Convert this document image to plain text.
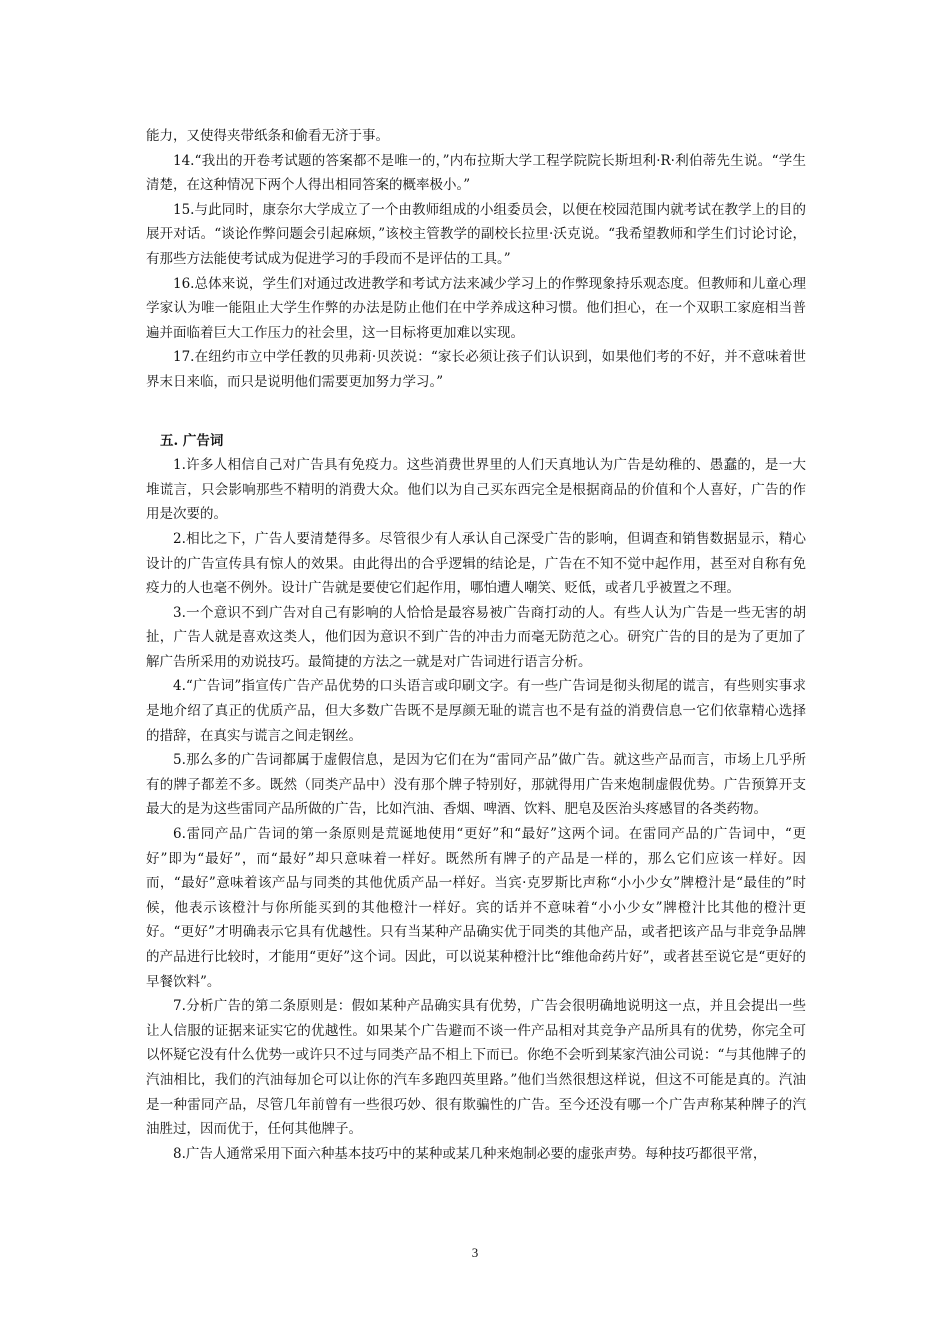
能力，又使得夹带纸条和偷看无济于事。

14.“我出的开卷考试题的答案都不是唯一的，”内布拉斯大学工程学院院长斯坦利·R·利伯蒂先生说。“学生清楚，在这种情况下两个人得出相同答案的概率极小。”

15.与此同时，康奈尔大学成立了一个由教师组成的小组委员会，以便在校园范围内就考试在教学上的目的展开对话。“谈论作弊问题会引起麻烦，”该校主管教学的副校长拉里·沃克说。“我希望教师和学生们讨论讨论，有那些方法能使考试成为促进学习的手段而不是评估的工具。”

16.总体来说，学生们对通过改进教学和考试方法来减少学习上的作弊现象持乐观态度。但教师和儿童心理学家认为唯一能阻止大学生作弊的办法是防止他们在中学养成这种习惯。他们担心，在一个双职工家庭相当普遍并面临着巨大工作压力的社会里，这一目标将更加难以实现。

17.在纽约市立中学任教的贝弗莉·贝茨说：“家长必须让孩子们认识到，如果他们考的不好，并不意味着世界末日来临，而只是说明他们需要更加努力学习。”

五. 广告词

1.许多人相信自己对广告具有免疫力。这些消费世界里的人们天真地认为广告是幼稚的、愚蠢的，是一大堆谎言，只会影响那些不精明的消费大众。他们以为自己买东西完全是根据商品的价值和个人喜好，广告的作用是次要的。

2.相比之下，广告人要清楚得多。尽管很少有人承认自己深受广告的影响，但调查和销售数据显示，精心设计的广告宣传具有惊人的效果。由此得出的合乎逻辑的结论是，广告在不知不觉中起作用，甚至对自称有免疫力的人也毫不例外。设计广告就是要使它们起作用，哪怕遭人嘲笑、贬低，或者几乎被置之不理。

3.一个意识不到广告对自己有影响的人恰恰是最容易被广告商打动的人。有些人认为广告是一些无害的胡扯，广告人就是喜欢这类人，他们因为意识不到广告的冲击力而毫无防范之心。研究广告的目的是为了更加了解广告所采用的劝说技巧。最简捷的方法之一就是对广告词进行语言分析。

4.“广告词”指宣传广告产品优势的口头语言或印刷文字。有一些广告词是彻头彻尾的谎言，有些则实事求是地介绍了真正的优质产品，但大多数广告既不是厚颜无耻的谎言也不是有益的消费信息一它们依靠精心选择的措辞，在真实与谎言之间走钢丝。

5.那么多的广告词都属于虚假信息，是因为它们在为“雷同产品”做广告。就这些产品而言，市场上几乎所有的牌子都差不多。既然（同类产品中）没有那个牌子特别好，那就得用广告来炮制虚假优势。广告预算开支最大的是为这些雷同产品所做的广告，比如汽油、香烟、啤酒、饮料、肥皂及医治头疼感冒的各类药物。

6.雷同产品广告词的第一条原则是荒诞地使用“更好”和“最好”这两个词。在雷同产品的广告词中，“更好”即为“最好”，而“最好”却只意味着一样好。既然所有牌子的产品是一样的，那么它们应该一样好。因而，“最好”意味着该产品与同类的其他优质产品一样好。当宾·克罗斯比声称“小小少女”牌橙汁是“最佳的”时候，他表示该橙汁与你所能买到的其他橙汁一样好。宾的话并不意味着“小小少女”牌橙汁比其他的橙汁更好。“更好”才明确表示它具有优越性。只有当某种产品确实优于同类的其他产品，或者把该产品与非竞争品牌的产品进行比较时，才能用“更好”这个词。因此，可以说某种橙汁比“维他命药片好”，或者甚至说它是“更好的早餐饮料”。

7.分析广告的第二条原则是：假如某种产品确实具有优势，广告会很明确地说明这一点，并且会提出一些让人信服的证据来证实它的优越性。如果某个广告避而不谈一件产品相对其竞争产品所具有的优势，你完全可以怀疑它没有什么优势一或许只不过与同类产品不相上下而已。你绝不会听到某家汽油公司说：“与其他牌子的汽油相比，我们的汽油每加仑可以让你的汽车多跑四英里路。”他们当然很想这样说，但这不可能是真的。汽油是一种雷同产品，尽管几年前曾有一些很巧妙、很有欺骗性的广告。至今还没有哪一个广告声称某种牌子的汽油胜过，因而优于，任何其他牌子。

8.广告人通常采用下面六种基本技巧中的某种或某几种来炮制必要的虚张声势。每种技巧都很平常，

3
